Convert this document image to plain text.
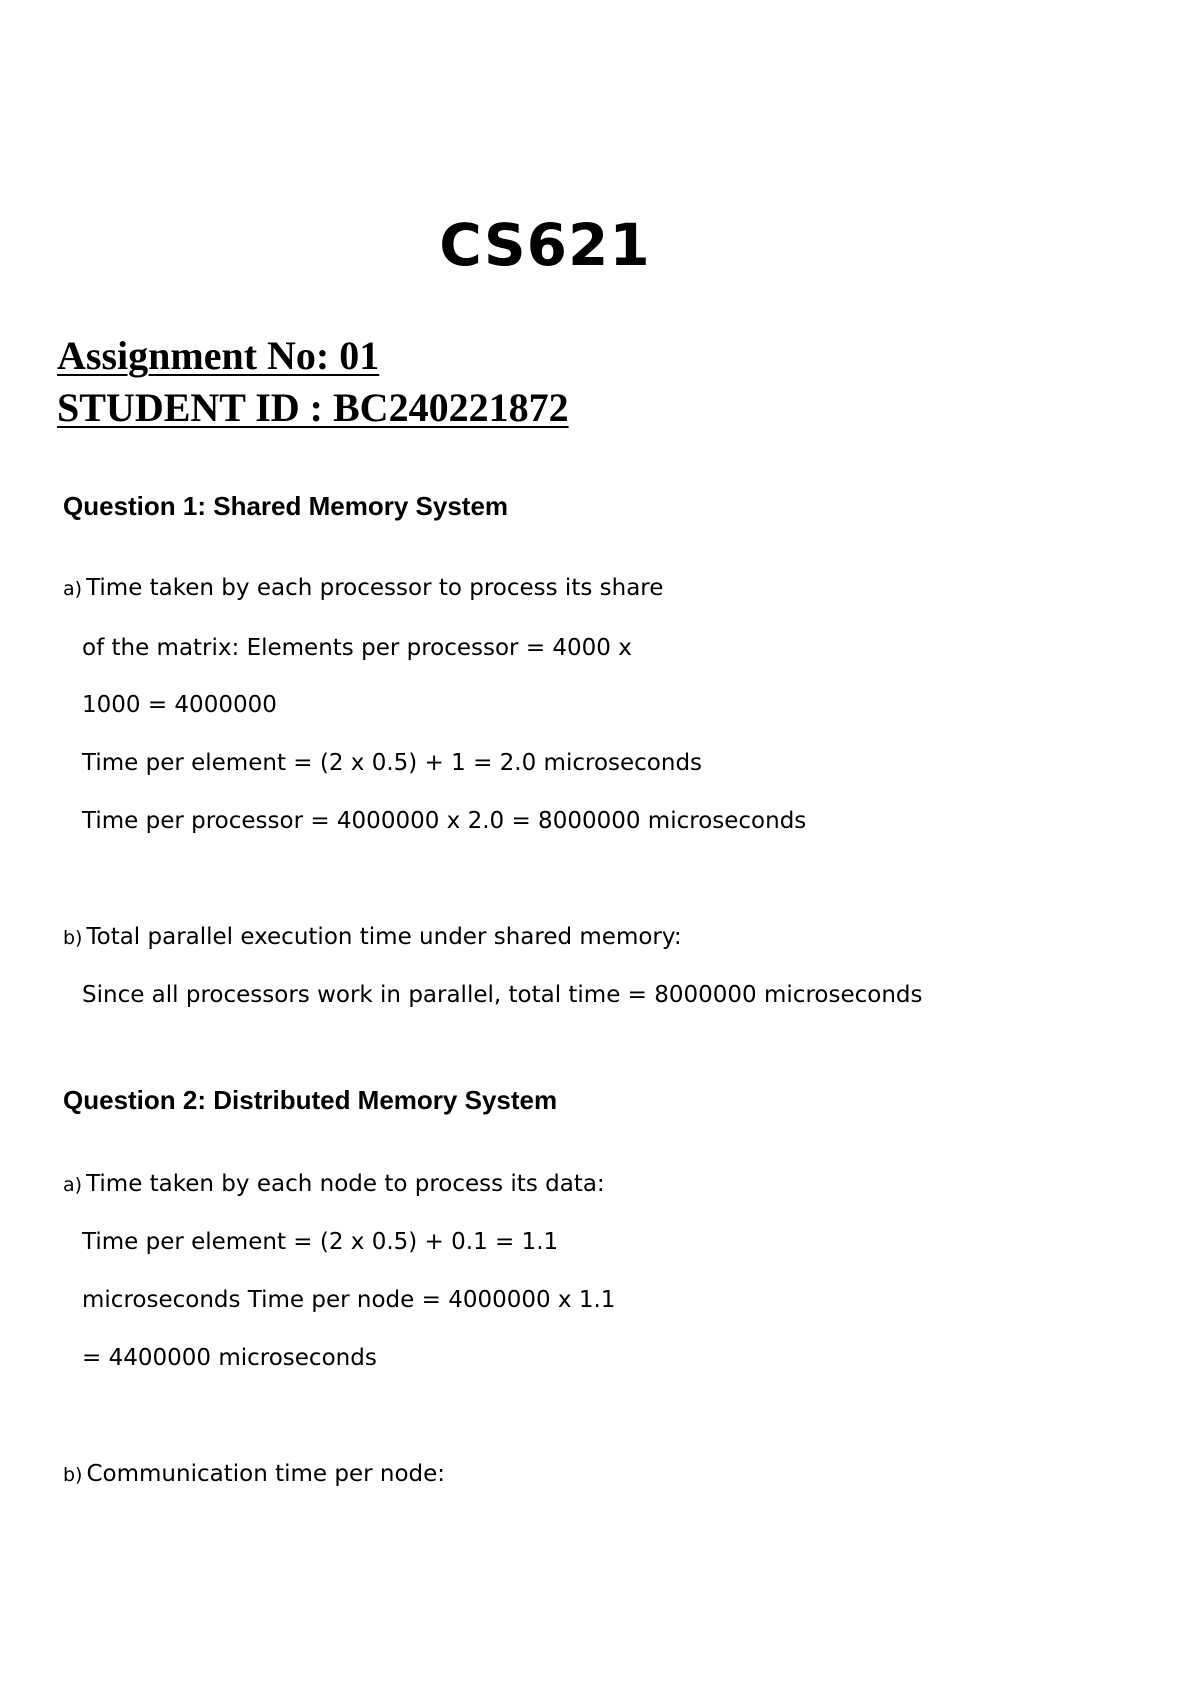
CS621
Assignment No: 01
STUDENT ID : BC240221872
Question 1: Shared Memory System
a) Time taken by each processor to process its share
of the matrix: Elements per processor = 4000 x
1000 = 4000000
Time per element = (2 x 0.5) + 1 = 2.0 microseconds
Time per processor = 4000000 x 2.0 = 8000000 microseconds
b) Total parallel execution time under shared memory:
Since all processors work in parallel, total time = 8000000 microseconds
Question 2: Distributed Memory System
a) Time taken by each node to process its data:
Time per element = (2 x 0.5) + 0.1 = 1.1
microseconds Time per node = 4000000 x 1.1
= 4400000 microseconds
b) Communication time per node:
